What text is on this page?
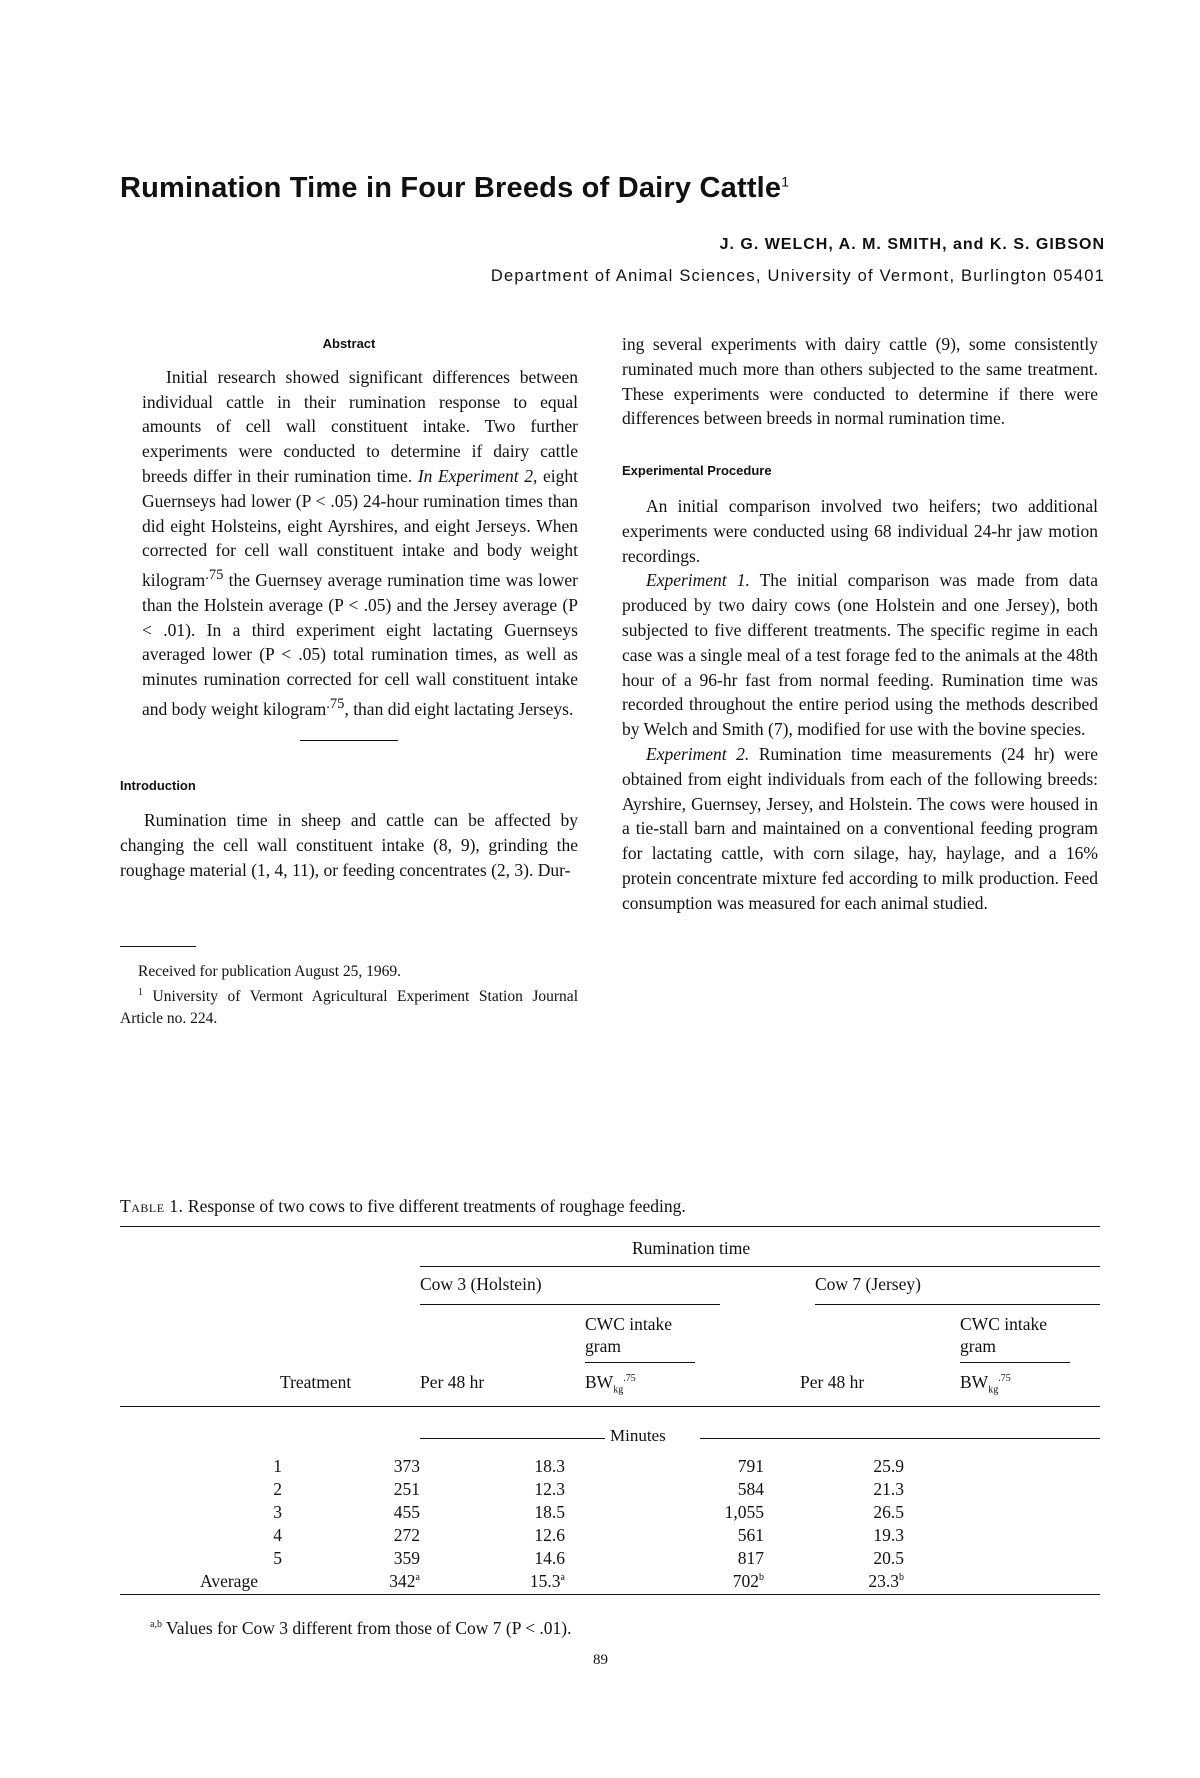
Rumination Time in Four Breeds of Dairy Cattle$^1$
J. G. WELCH, A. M. SMITH, and K. S. GIBSON
Department of Animal Sciences, University of Vermont, Burlington 05401
Abstract

Initial research showed significant differences between individual cattle in their rumination response to equal amounts of cell wall constituent intake. Two further experiments were conducted to determine if dairy cattle breeds differ in their rumination time. In Experiment 2, eight Guernseys had lower (P < .05) 24-hour rumination times than did eight Holsteins, eight Ayrshires, and eight Jerseys. When corrected for cell wall constituent intake and body weight kilogram$^{.75}$ the Guernsey average rumination time was lower than the Holstein average (P < .05) and the Jersey average (P < .01). In a third experiment eight lactating Guernseys averaged lower (P < .05) total rumination times, as well as minutes rumination corrected for cell wall constituent intake and body weight kilogram$^{.75}$, than did eight lactating Jerseys.

Introduction

Rumination time in sheep and cattle can be affected by changing the cell wall constituent intake (8, 9), grinding the roughage material (1, 4, 11), or feeding concentrates (2, 3). Dur-

Received for publication August 25, 1969.

$^1$ University of Vermont Agricultural Experiment Station Journal Article no. 224.

ing several experiments with dairy cattle (9), some consistently ruminated much more than others subjected to the same treatment. These experiments were conducted to determine if there were differences between breeds in normal rumination time.

Experimental Procedure

An initial comparison involved two heifers; two additional experiments were conducted using 68 individual 24-hr jaw motion recordings.

Experiment 1. The initial comparison was made from data produced by two dairy cows (one Holstein and one Jersey), both subjected to five different treatments. The specific regime in each case was a single meal of a test forage fed to the animals at the 48th hour of a 96-hr fast from normal feeding. Rumination time was recorded throughout the entire period using the methods described by Welch and Smith (7), modified for use with the bovine species.

Experiment 2. Rumination time measurements (24 hr) were obtained from eight individuals from each of the following breeds: Ayrshire, Guernsey, Jersey, and Holstein. The cows were housed in a tie-stall barn and maintained on a conventional feeding program for lactating cattle, with corn silage, hay, haylage, and a 16% protein concentrate mixture fed according to milk production. Feed consumption was measured for each animal studied.

Table 1. Response of two cows to five different treatments of roughage feeding.
Rumination time
Cow 3 (Holstein)	Cow 7 (Jersey)
CWC intake
gram
CWC intake
gram
Treatment	Per 48 hr	$BW_{kg}^{.75}$	Per 48 hr	$BW_{kg}^{.75}$
Minutes
1	373	18.3	791	25.9
2	251	12.3	584	21.3
3	455	18.5	1,055	26.5
4	272	12.6	561	19.3
5	359	14.6	817	20.5
Average	342$^a$	15.3$^a$	702$^b$	23.3$^b$
$^{a,b}$ Values for Cow 3 different from those of Cow 7 (P < .01).
89
